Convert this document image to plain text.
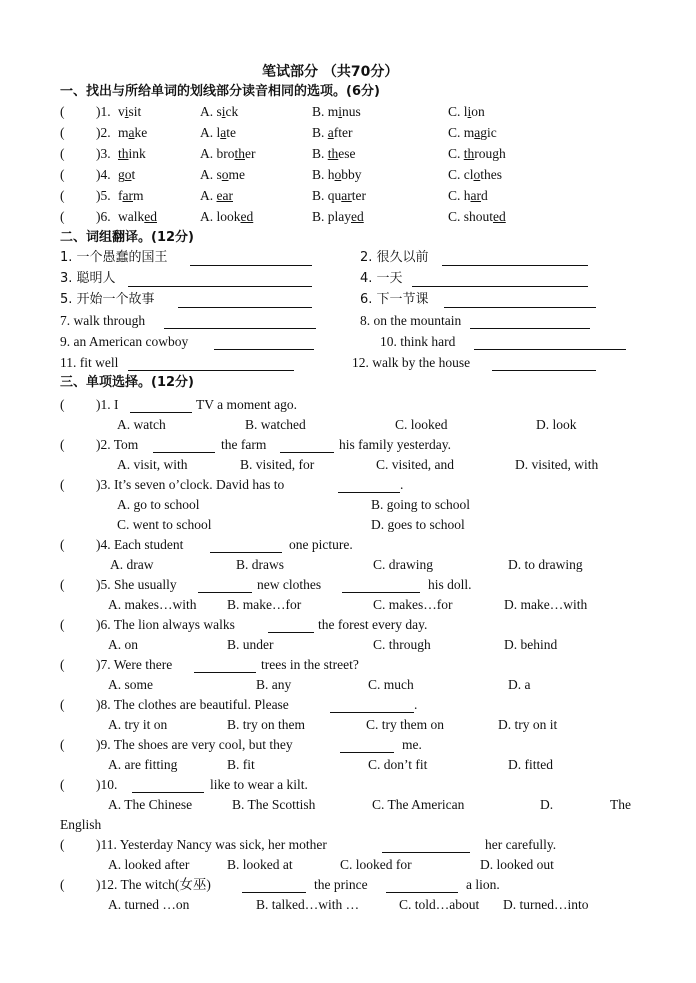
笔试部分 （共70分）
一、找出与所给单词的划线部分读音相同的选项。(6分)
( )1. visit	A. sick	B. minus	C. lion
( )2. make	A. late	B. after	C. magic
( )3. think	A. brother	B. these	C. through
( )4. got	A. some	B. hobby	C. clothes
( )5. farm	A. ear	B. quarter	C. hard
( )6. walked	A. looked	B. played	C. shouted
二、词组翻译。(12分)
1. 一个愚蠢的国王	2. 很久以前
3. 聪明人	4. 一天
5. 开始一个故事	6. 下一节课
7. walk through	8. on the mountain
9. an American cowboy	10. think hard
11. fit well	12. walk by the house
三、单项选择。(12分)
( )1. I	TV a moment ago.
A. watch	B. watched	C. looked	D. look
( )2. Tom	the farm	his family yesterday.
A. visit, with	B. visited, for	C. visited, and	D. visited, with
( )3. It’s seven o’clock. David has to	.
A. go to school	B. going to school
C. went to school	D. goes to school
( )4. Each student	one picture.
A. draw	B. draws	C. drawing	D. to drawing
( )5. She usually	new clothes	his doll.
A. makes…with B. make…for	C. makes…for	D. make…with
( )6. The lion always walks	the forest every day.
A. on	B. under	C. through	D. behind
( )7. Were there	trees in the street?
A. some	B. any	C. much	D. a
( )8. The clothes are beautiful. Please	.
A. try it on	B. try on them	C. try them on	D. try on it
( )9. The shoes are very cool, but they	me.
A. are fitting	B. fit	C. don’t fit	D. fitted
( )10.	like to wear a kilt.
A. The Chinese	B. The Scottish	C. The American	D.	The
English
( )11. Yesterday Nancy was sick, her mother	her carefully.
A. looked after	B. looked at	C. looked for	D. looked out
( )12. The witch(女巫)	the prince	a lion.
A. turned …on	B. talked…with …	C. told…about D. turned…into
